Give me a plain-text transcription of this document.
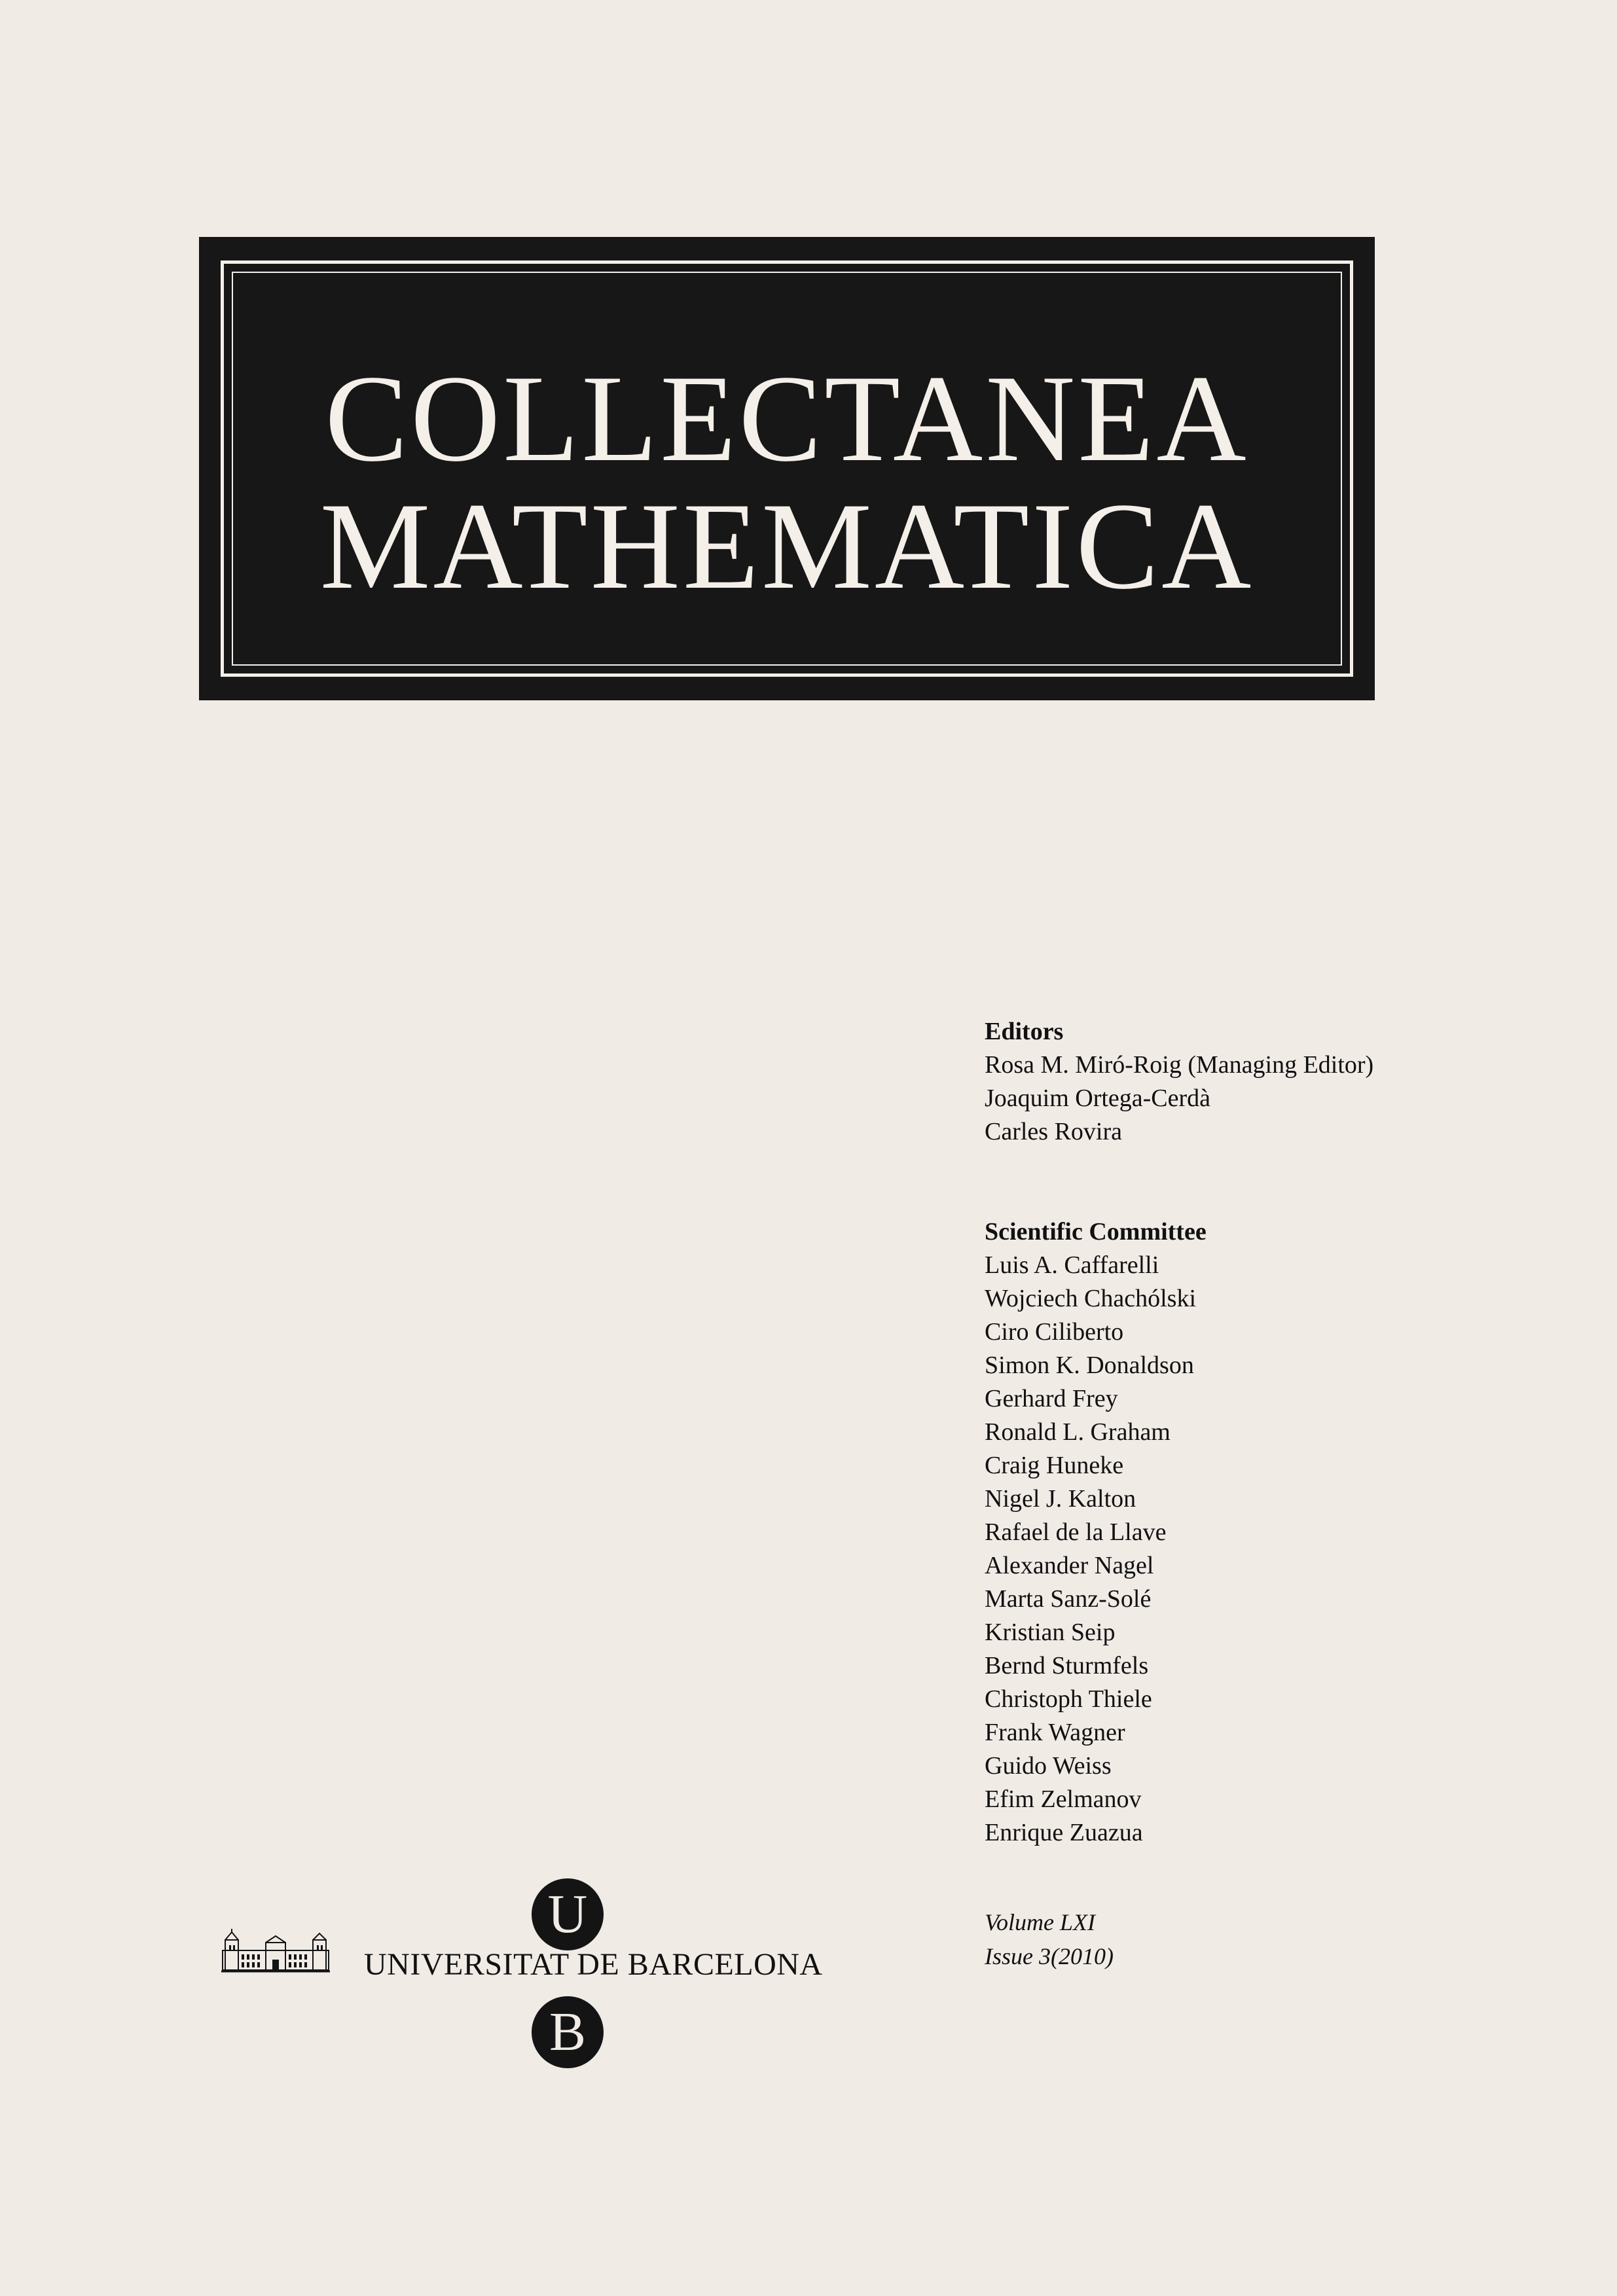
COLLECTANEA
MATHEMATICA
Editors
Rosa M. Miró-Roig (Managing Editor)
Joaquim Ortega-Cerdà
Carles Rovira
Scientific Committee
Luis A. Caffarelli
Wojciech Chachólski
Ciro Ciliberto
Simon K. Donaldson
Gerhard Frey
Ronald L. Graham
Craig Huneke
Nigel J. Kalton
Rafael de la Llave
Alexander Nagel
Marta Sanz-Solé
Kristian Seip
Bernd Sturmfels
Christoph Thiele
Frank Wagner
Guido Weiss
Efim Zelmanov
Enrique Zuazua
Volume LXI
Issue 3(2010)
U
UNIVERSITAT DE BARCELONA
B
